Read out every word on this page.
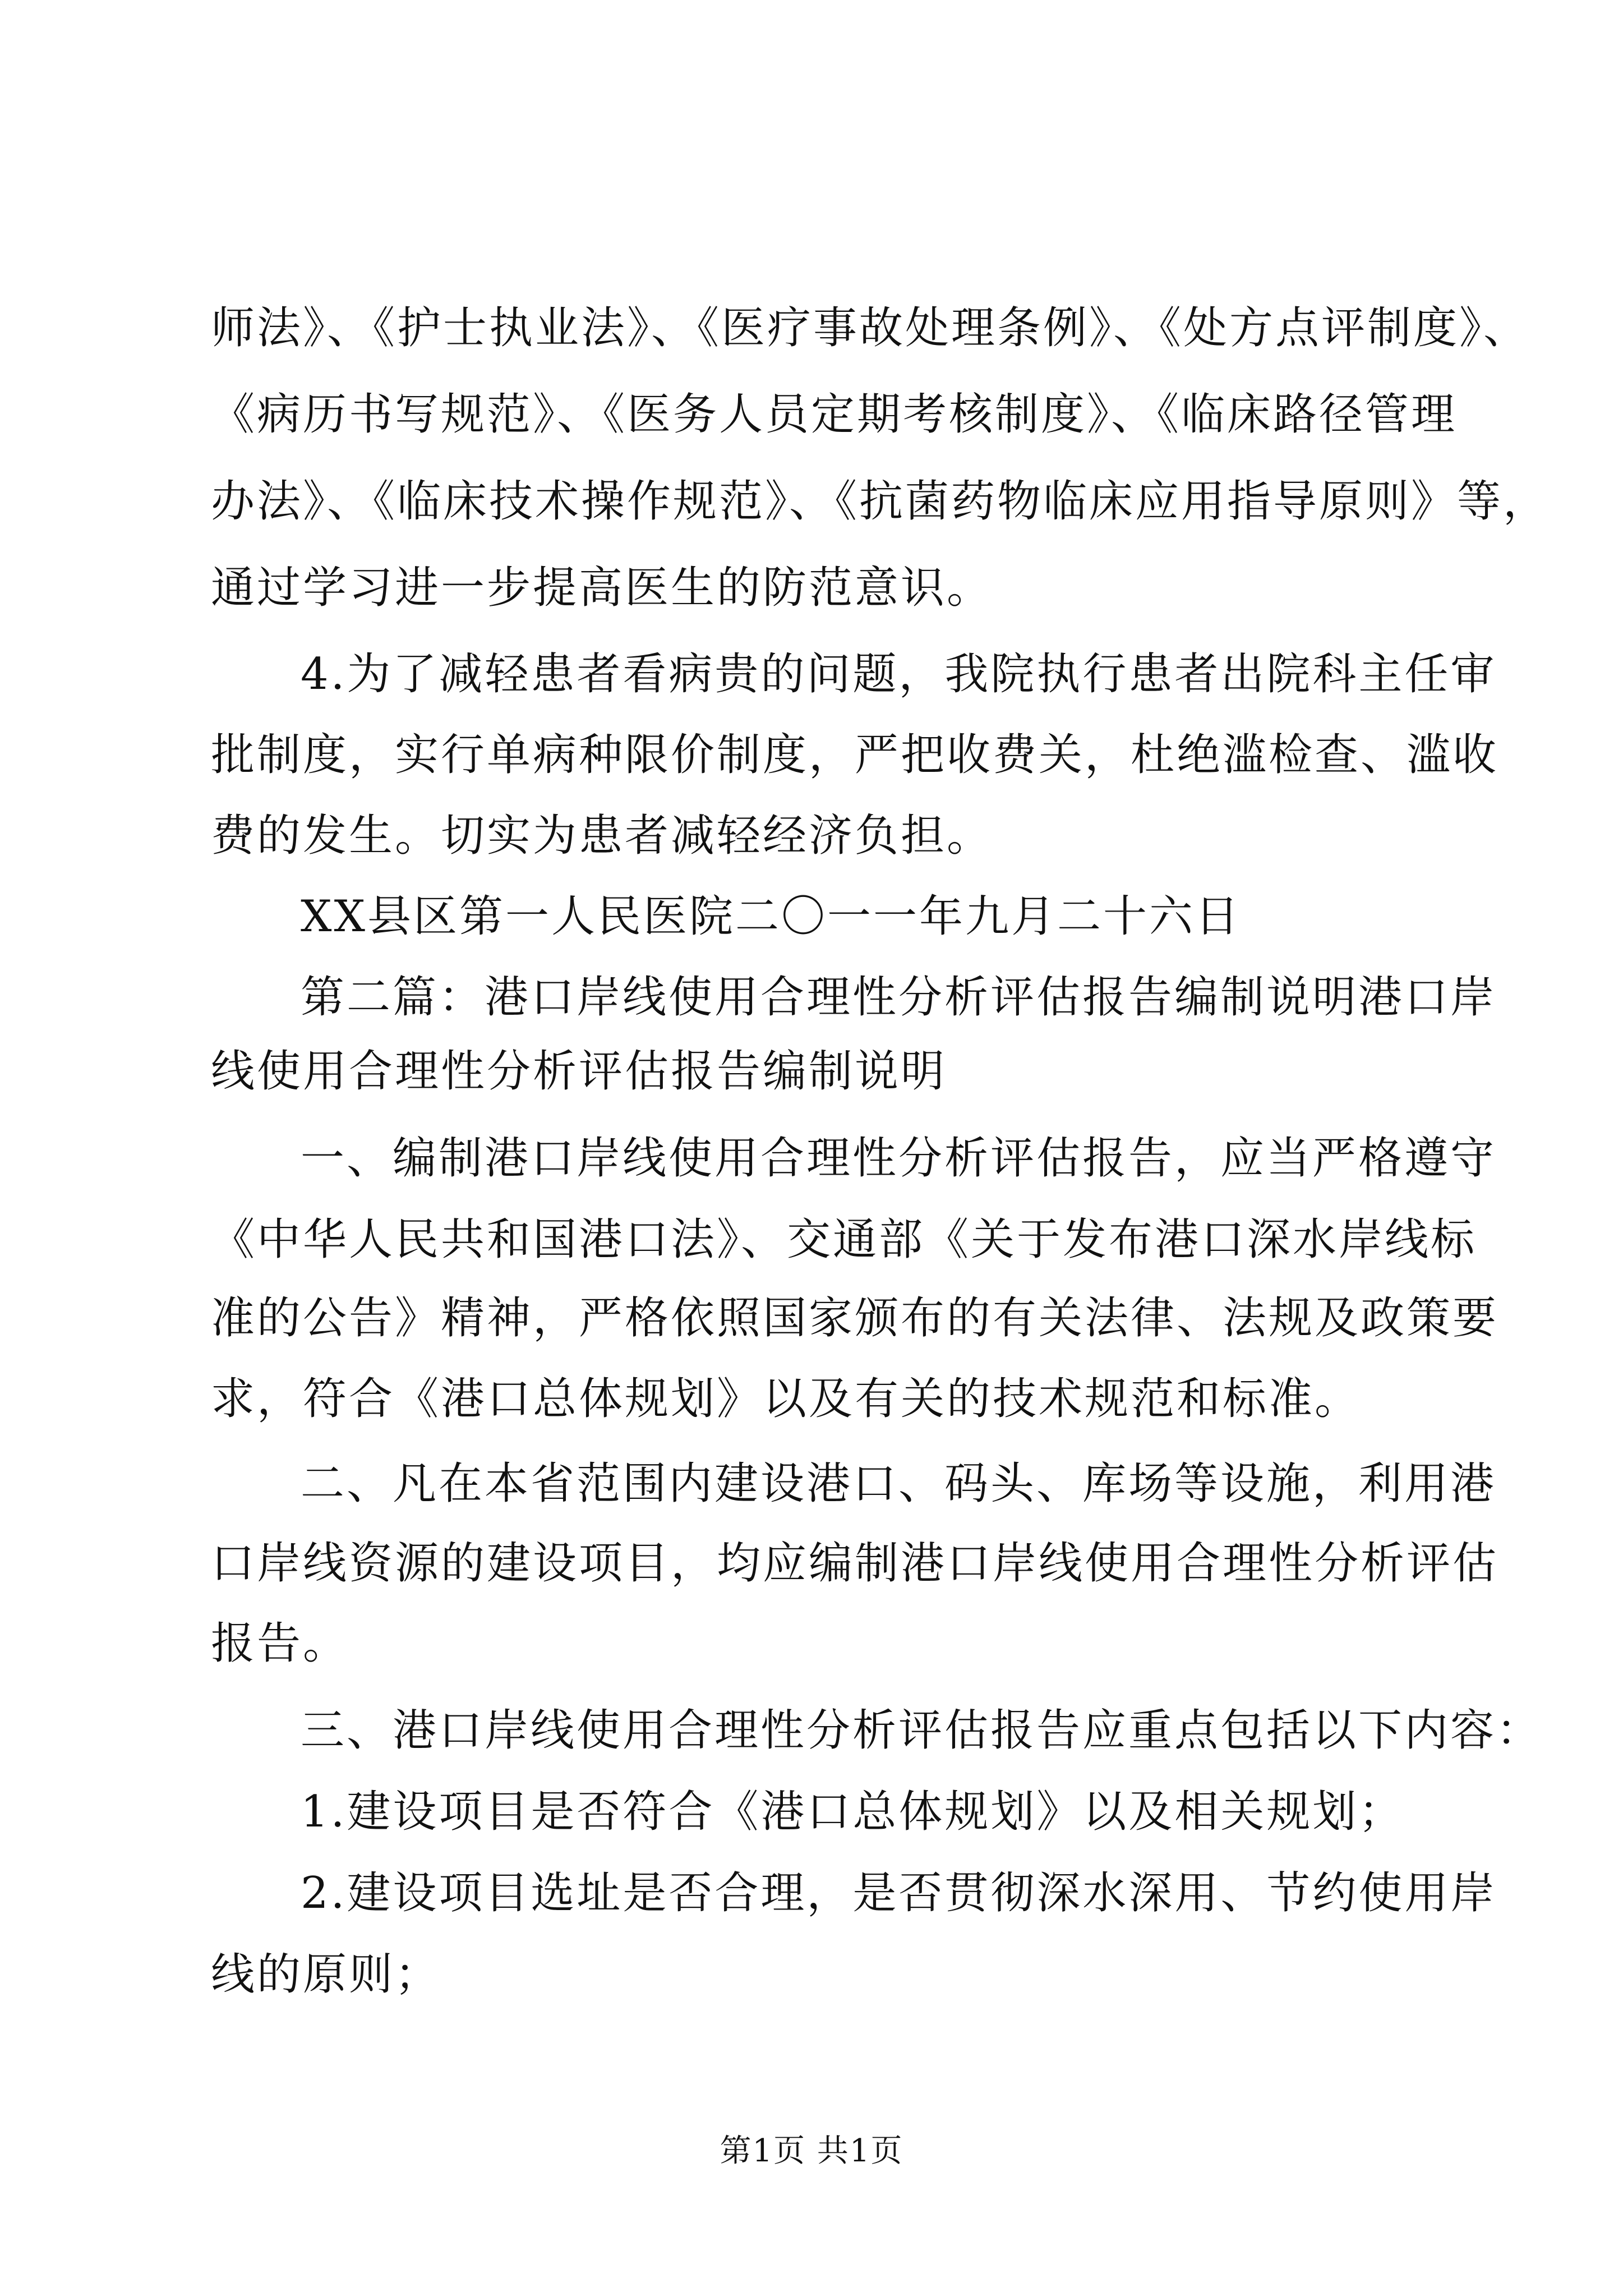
师法》、《护士执业法》、《医疗事故处理条例》、《处方点评制度》、
《病历书写规范》、《医务人员定期考核制度》、《临床路径管理
办法》、《临床技术操作规范》、《抗菌药物临床应用指导原则》等，
通过学习进一步提高医生的防范意识。
4.为了减轻患者看病贵的问题，我院执行患者出院科主任审
批制度，实行单病种限价制度，严把收费关，杜绝滥检查、滥收
费的发生。切实为患者减轻经济负担。
XX县区第一人民医院二〇一一年九月二十六日
第二篇：港口岸线使用合理性分析评估报告编制说明港口岸
线使用合理性分析评估报告编制说明
一、编制港口岸线使用合理性分析评估报告，应当严格遵守
《中华人民共和国港口法》、交通部《关于发布港口深水岸线标
准的公告》精神，严格依照国家颁布的有关法律、法规及政策要
求，符合《港口总体规划》以及有关的技术规范和标准。
二、凡在本省范围内建设港口、码头、库场等设施，利用港
口岸线资源的建设项目，均应编制港口岸线使用合理性分析评估
报告。
三、港口岸线使用合理性分析评估报告应重点包括以下内容：
1.建设项目是否符合《港口总体规划》以及相关规划；
2.建设项目选址是否合理，是否贯彻深水深用、节约使用岸
线的原则；
第1页 共1页
